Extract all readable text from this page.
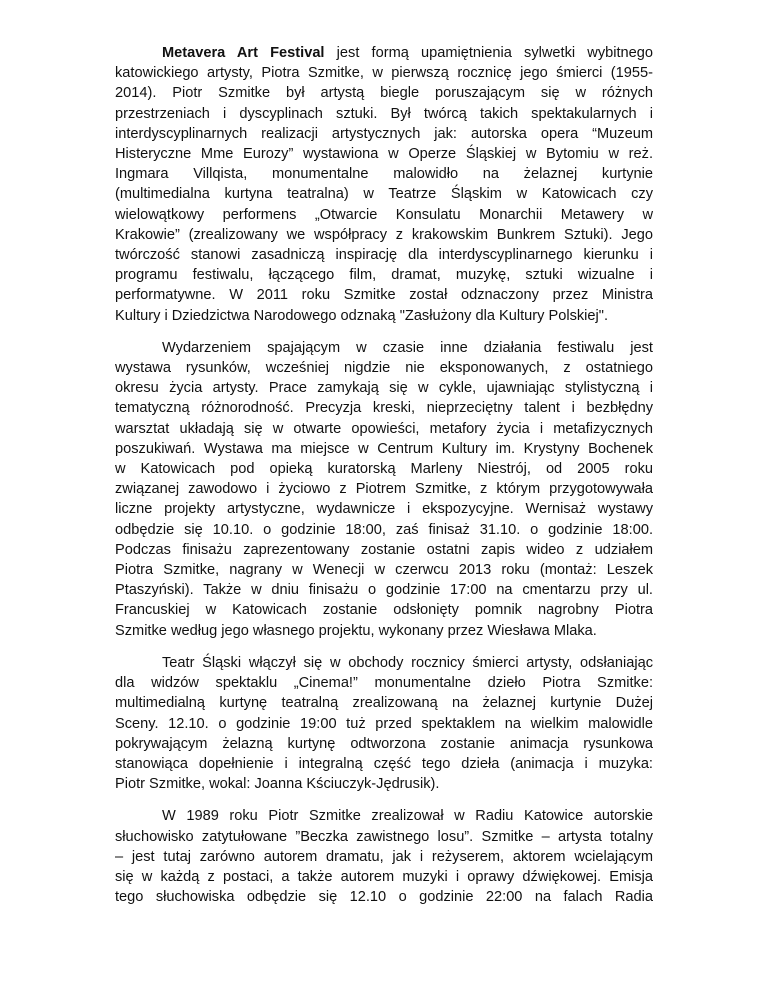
Metavera Art Festival jest formą upamiętnienia sylwetki wybitnego
katowickiego artysty, Piotra Szmitke, w pierwszą rocznicę jego śmierci (1955-
2014). Piotr Szmitke był artystą biegle poruszającym się w różnych
przestrzeniach i dyscyplinach sztuki. Był twórcą takich spektakularnych i
interdyscyplinarnych realizacji artystycznych jak: autorska opera “Muzeum
Histeryczne Mme Eurozy” wystawiona w Operze Śląskiej w Bytomiu w reż.
Ingmara Villqista, monumentalne malowidło na żelaznej kurtynie
(multimedialna kurtyna teatralna) w Teatrze Śląskim w Katowicach czy
wielowątkowy performens „Otwarcie Konsulatu Monarchii Metawery w
Krakowie” (zrealizowany we współpracy z krakowskim Bunkrem Sztuki). Jego
twórczość stanowi zasadniczą inspirację dla interdyscyplinarnego kierunku i
programu festiwalu, łączącego film, dramat, muzykę, sztuki wizualne i
performatywne. W 2011 roku Szmitke został odznaczony przez Ministra
Kultury i Dziedzictwa Narodowego odznaką "Zasłużony dla Kultury Polskiej".

Wydarzeniem spajającym w czasie inne działania festiwalu jest
wystawa rysunków, wcześniej nigdzie nie eksponowanych, z ostatniego
okresu życia artysty. Prace zamykają się w cykle, ujawniając stylistyczną i
tematyczną różnorodność. Precyzja kreski, nieprzeciętny talent i bezbłędny
warsztat układają się w otwarte opowieści, metafory życia i metafizycznych
poszukiwań. Wystawa ma miejsce w Centrum Kultury im. Krystyny Bochenek
w Katowicach pod opieką kuratorską Marleny Niestrój, od 2005 roku
związanej zawodowo i życiowo z Piotrem Szmitke, z którym przygotowywała
liczne projekty artystyczne, wydawnicze i ekspozycyjne. Wernisaż wystawy
odbędzie się 10.10. o godzinie 18:00, zaś finisaż 31.10. o godzinie 18:00.
Podczas finisażu zaprezentowany zostanie ostatni zapis wideo z udziałem
Piotra Szmitke, nagrany w Wenecji w czerwcu 2013 roku (montaż: Leszek
Ptaszyński). Także w dniu finisażu o godzinie 17:00 na cmentarzu przy ul.
Francuskiej w Katowicach zostanie odsłonięty pomnik nagrobny Piotra
Szmitke według jego własnego projektu, wykonany przez Wiesława Mlaka.

Teatr Śląski włączył się w obchody rocznicy śmierci artysty, odsłaniając
dla widzów spektaklu „Cinema!” monumentalne dzieło Piotra Szmitke:
multimedialną kurtynę teatralną zrealizowaną na żelaznej kurtynie Dużej
Sceny. 12.10. o godzinie 19:00 tuż przed spektaklem na wielkim malowidle
pokrywającym żelazną kurtynę odtworzona zostanie animacja rysunkowa
stanowiąca dopełnienie i integralną część tego dzieła (animacja i muzyka:
Piotr Szmitke, wokal: Joanna Kściuczyk-Jędrusik).

W 1989 roku Piotr Szmitke zrealizował w Radiu Katowice autorskie
słuchowisko zatytułowane ”Beczka zawistnego losu”. Szmitke – artysta totalny
– jest tutaj zarówno autorem dramatu, jak i reżyserem, aktorem wcielającym
się w każdą z postaci, a także autorem muzyki i oprawy dźwiękowej. Emisja
tego słuchowiska odbędzie się 12.10 o godzinie 22:00 na falach Radia
